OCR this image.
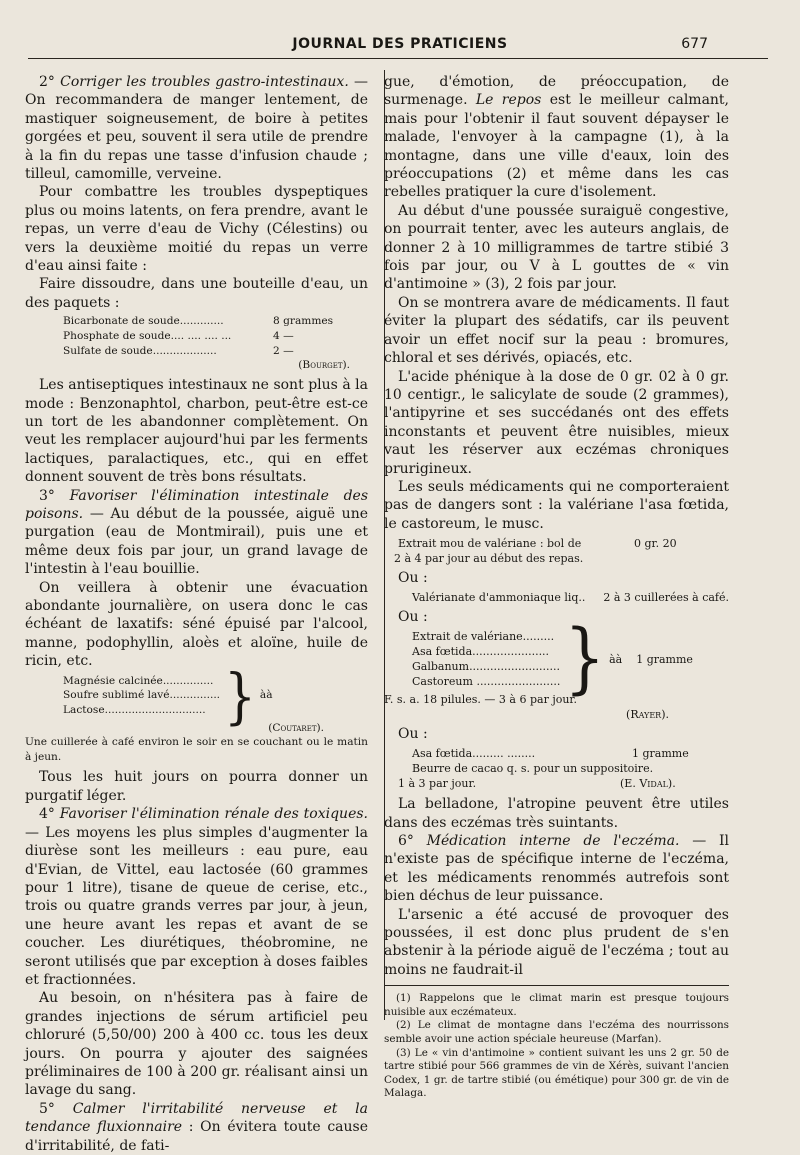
JOURNAL DES PRATICIENS	677

2° Corriger les troubles gastro-intestinaux. — On recommandera de manger lentement, de mastiquer soigneusement, de boire à petites gorgées et peu, souvent il sera utile de prendre à la fin du repas une tasse d'infusion chaude ; tilleul, camomille, verveine.

Pour combattre les troubles dyspeptiques plus ou moins latents, on fera prendre, avant le repas, un verre d'eau de Vichy (Célestins) ou vers la deuxième moitié du repas un verre d'eau ainsi faite :

Faire dissoudre, dans une bouteille d'eau, un des paquets :

Bicarbonate de soude.............	8 grammes
Phosphate de soude.... .... .... ...	4 —
Sulfate de soude...................	2 —
(Bourget).

Les antiseptiques intestinaux ne sont plus à la mode : Benzonaphtol, charbon, peut-être est-ce un tort de les abandonner complètement. On veut les remplacer aujourd'hui par les ferments lactiques, paralactiques, etc., qui en effet donnent souvent de très bons résultats.

3° Favoriser l'élimination intestinale des poisons. — Au début de la poussée, aiguë une purgation (eau de Montmirail), puis une et même deux fois par jour, un grand lavage de l'intestin à l'eau bouillie.

On veillera à obtenir une évacuation abondante journalière, on usera donc le cas échéant de laxatifs: séné épuisé par l'alcool, manne, podophyllin, aloès et aloïne, huile de ricin, etc.

Magnésie calcinée...............
Soufre sublimé lavé...............
Lactose.............................. } àà
(Coutaret).
Une cuillerée à café environ le soir en se couchant ou le matin à jeun.

Tous les huit jours on pourra donner un purgatif léger.

4° Favoriser l'élimination rénale des toxiques. — Les moyens les plus simples d'augmenter la diurèse sont les meilleurs : eau pure, eau d'Evian, de Vittel, eau lactosée (60 grammes pour 1 litre), tisane de queue de cerise, etc., trois ou quatre grands verres par jour, à jeun, une heure avant les repas et avant de se coucher. Les diurétiques, théobromine, ne seront utilisés que par exception à doses faibles et fractionnées.

Au besoin, on n'hésitera pas à faire de grandes injections de sérum artificiel peu chloruré (5,50/00) 200 à 400 cc. tous les deux jours. On pourra y ajouter des saignées préliminaires de 100 à 200 gr. réalisant ainsi un lavage du sang.

5° Calmer l'irritabilité nerveuse et la tendance fluxionnaire : On évitera toute cause d'irritabilité, de fati-

gue, d'émotion, de préoccupation, de surmenage. Le repos est le meilleur calmant, mais pour l'obtenir il faut souvent dépayser le malade, l'envoyer à la campagne (1), à la montagne, dans une ville d'eaux, loin des préoccupations (2) et même dans les cas rebelles pratiquer la cure d'isolement.

Au début d'une poussée suraiguë congestive, on pourrait tenter, avec les auteurs anglais, de donner 2 à 10 milligrammes de tartre stibié 3 fois par jour, ou V à L gouttes de « vin d'antimoine » (3), 2 fois par jour.

On se montrera avare de médicaments. Il faut éviter la plupart des sédatifs, car ils peuvent avoir un effet nocif sur la peau : bromures, chloral et ses dérivés, opiacés, etc.

L'acide phénique à la dose de 0 gr. 02 à 0 gr. 10 centigr., le salicylate de soude (2 grammes), l'antipyrine et ses succédanés ont des effets inconstants et peuvent être nuisibles, mieux vaut les réserver aux eczémas chroniques prurigineux.

Les seuls médicaments qui ne comporteraient pas de dangers sont : la valériane l'asa fœtida, le castoreum, le musc.

Extrait mou de valériane : bol de	0 gr. 20
2 à 4 par jour au début des repas.
Ou :
Valérianate d'ammoniaque liq..	2 à 3 cuillerées à café.
Ou :
Extrait de valériane.........
Asa fœtida......................
Galbanum..........................
Castoreum ........................ } àà    1 gramme
F. s. a. 18 pilules. — 3 à 6 par jour.
(Rayer).
Ou :
Asa fœtida......... ........	1 gramme
Beurre de cacao q. s. pour un suppositoire.
1 à 3 par jour.	(E. Vidal).

La belladone, l'atropine peuvent être utiles dans des eczémas très suintants.

6° Médication interne de l'eczéma. — Il n'existe pas de spécifique interne de l'eczéma, et les médicaments renommés autrefois sont bien déchus de leur puissance.

L'arsenic a été accusé de provoquer des poussées, il est donc plus prudent de s'en abstenir à la période aiguë de l'eczéma ; tout au moins ne faudrait-il

(1) Rappelons que le climat marin est presque toujours nuisible aux eczémateux.
(2) Le climat de montagne dans l'eczéma des nourrissons semble avoir une action spéciale heureuse (Marfan).
(3) Le « vin d'antimoine » contient suivant les uns 2 gr. 50 de tartre stibié pour 566 grammes de vin de Xérès, suivant l'ancien Codex, 1 gr. de tartre stibié (ou émétique) pour 300 gr. de vin de Malaga.
